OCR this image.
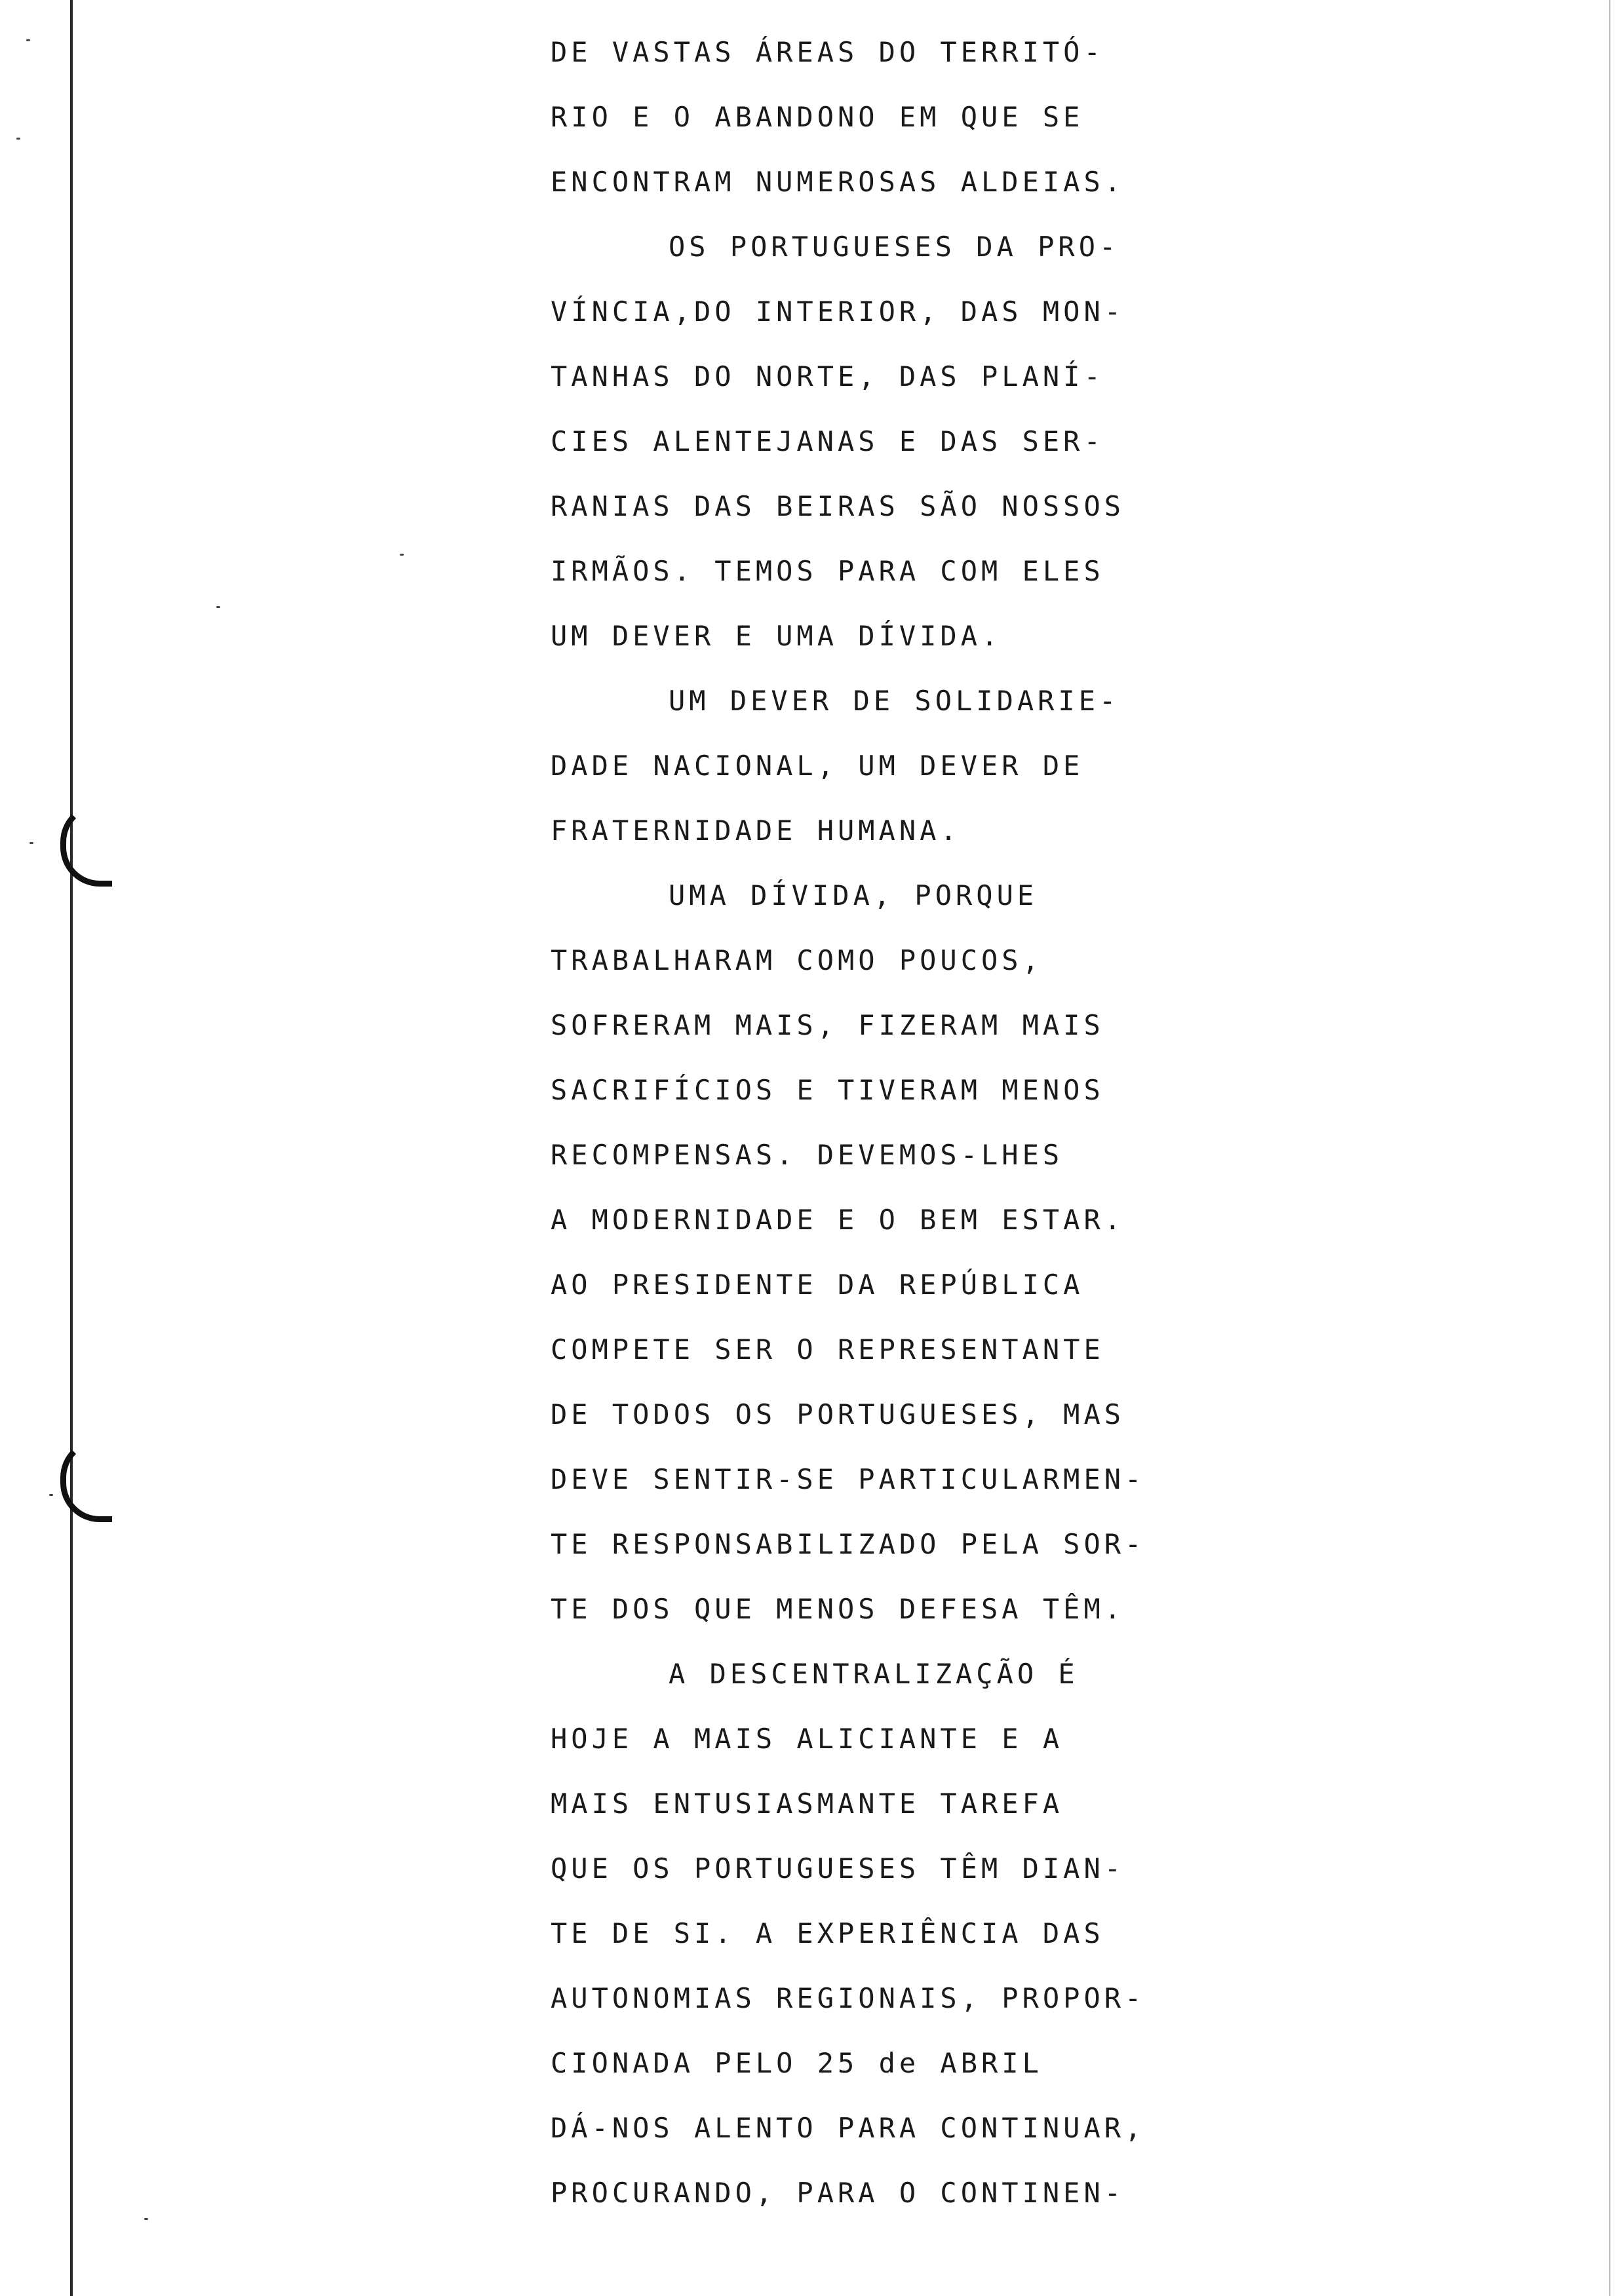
DE VASTAS ÁREAS DO TERRITÓ-
RIO E O ABANDONO EM QUE SE
ENCONTRAM NUMEROSAS ALDEIAS.
OS PORTUGUESES DA PRO-
VÍNCIA,DO INTERIOR, DAS MON-
TANHAS DO NORTE, DAS PLANÍ-
CIES ALENTEJANAS E DAS SER-
RANIAS DAS BEIRAS SÃO NOSSOS
IRMÃOS. TEMOS PARA COM ELES
UM DEVER E UMA DÍVIDA.
UM DEVER DE SOLIDARIE-
DADE NACIONAL, UM DEVER DE
FRATERNIDADE HUMANA.
UMA DÍVIDA, PORQUE
TRABALHARAM COMO POUCOS,
SOFRERAM MAIS, FIZERAM MAIS
SACRIFÍCIOS E TIVERAM MENOS
RECOMPENSAS. DEVEMOS-LHES
A MODERNIDADE E O BEM ESTAR.
AO PRESIDENTE DA REPÚBLICA
COMPETE SER O REPRESENTANTE
DE TODOS OS PORTUGUESES, MAS
DEVE SENTIR-SE PARTICULARMEN-
TE RESPONSABILIZADO PELA SOR-
TE DOS QUE MENOS DEFESA TÊM.
A DESCENTRALIZAÇÃO É
HOJE A MAIS ALICIANTE E A
MAIS ENTUSIASMANTE TAREFA
QUE OS PORTUGUESES TÊM DIAN-
TE DE SI. A EXPERIÊNCIA DAS
AUTONOMIAS REGIONAIS, PROPOR-
CIONADA PELO 25 de ABRIL
DÁ-NOS ALENTO PARA CONTINUAR,
PROCURANDO, PARA O CONTINEN-
